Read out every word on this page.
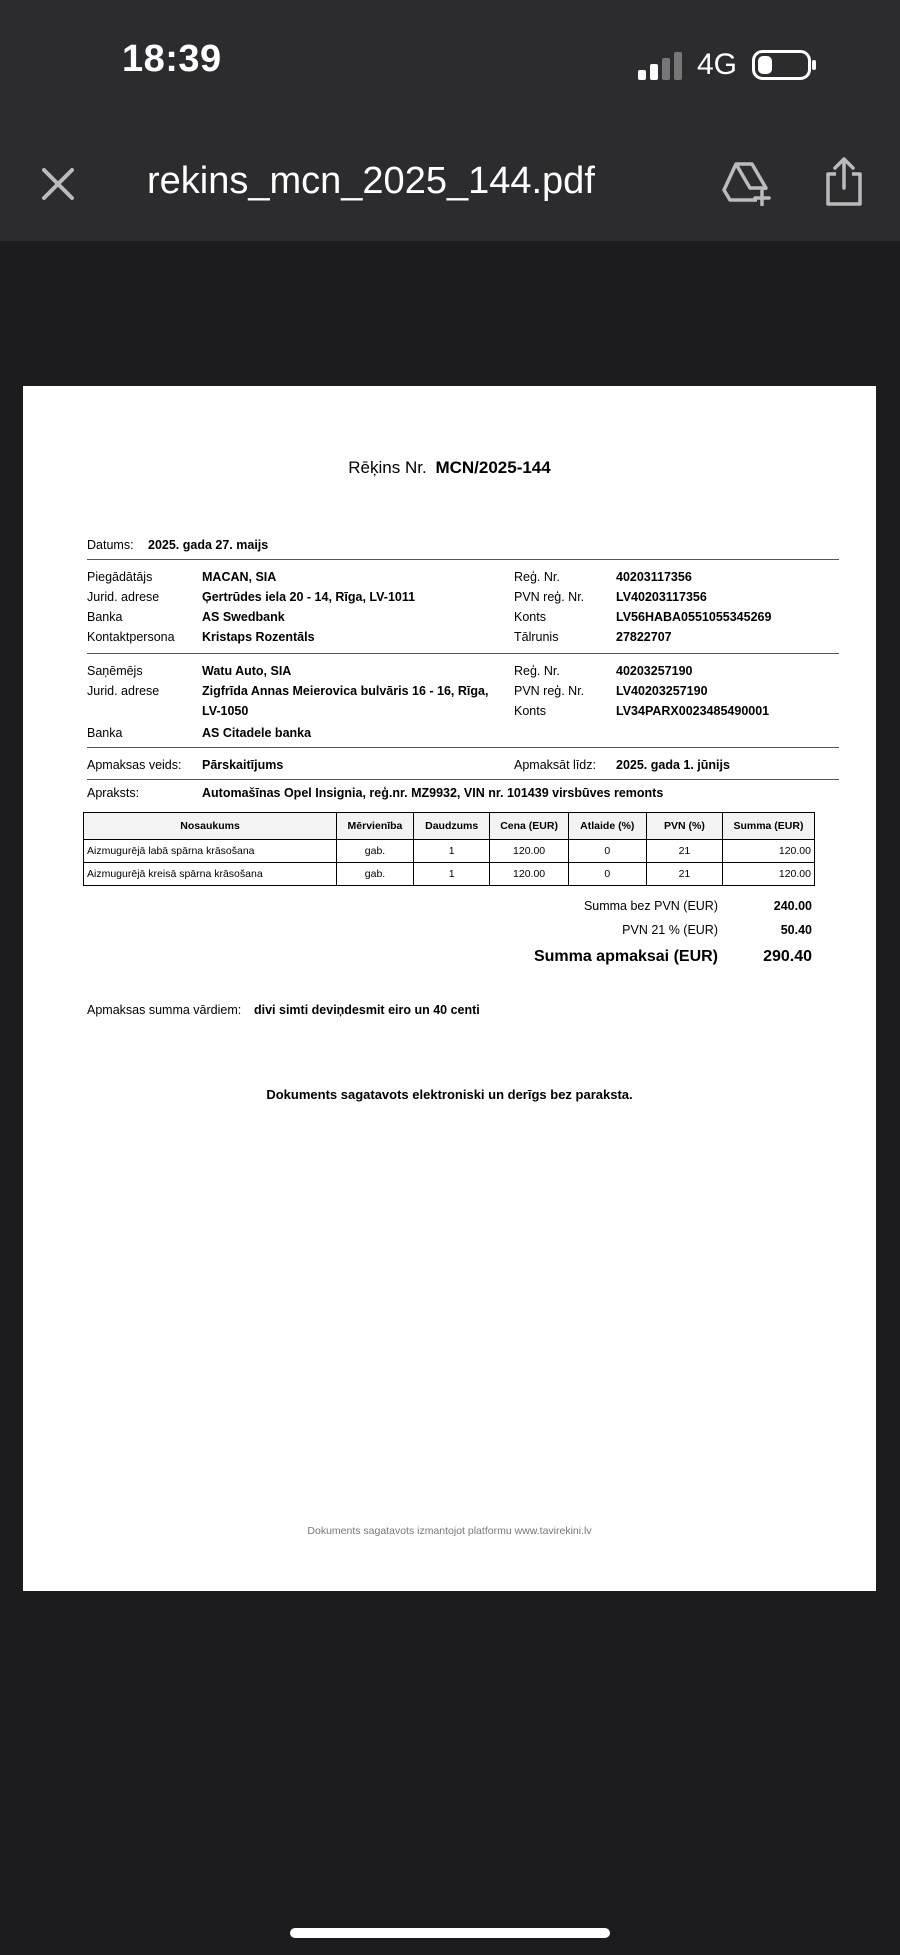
18:39	4G
rekins_mcn_2025_144.pdf
Rēķins Nr. MCN/2025-144
Datums: 2025. gada 27. maijs
Piegādātājs	MACAN, SIA	Reģ. Nr.	40203117356
Jurid. adrese	Ģertrūdes iela 20 - 14, Rīga, LV-1011	PVN reģ. Nr.	LV40203117356
Banka	AS Swedbank	Konts	LV56HABA0551055345269
Kontaktpersona Kristaps Rozentāls	Tālrunis	27822707
Saņēmējs	Watu Auto, SIA	Reģ. Nr.	40203257190
Jurid. adrese	Zigfrīda Annas Meierovica bulvāris 16 - 16, Rīga, LV-1050
PVN reģ. Nr.	LV40203257190
Konts	LV34PARX0023485490001
Banka	AS Citadele banka
Apmaksas veids: Pārskaitījums	Apmaksāt līdz: 2025. gada 1. jūnijs
Apraksts:	Automašīnas Opel Insignia, reģ.nr. MZ9932, VIN nr. 101439 virsbūves remonts
Nosaukums	Mērvienība	Daudzums	Cena (EUR)	Atlaide (%)	PVN (%)	Summa (EUR)
Aizmugurējā labā spārna krāsošana	gab.	1	120.00	0	21	120.00
Aizmugurējā kreisā spārna krāsošana	gab.	1	120.00	0	21	120.00
Summa bez PVN (EUR)	240.00
PVN 21 % (EUR)	50.40
Summa apmaksai (EUR)	290.40
Apmaksas summa vārdiem: divi simti deviņdesmit eiro un 40 centi
Dokuments sagatavots elektroniski un derīgs bez paraksta.
Dokuments sagatavots izmantojot platformu www.tavirekini.lv
